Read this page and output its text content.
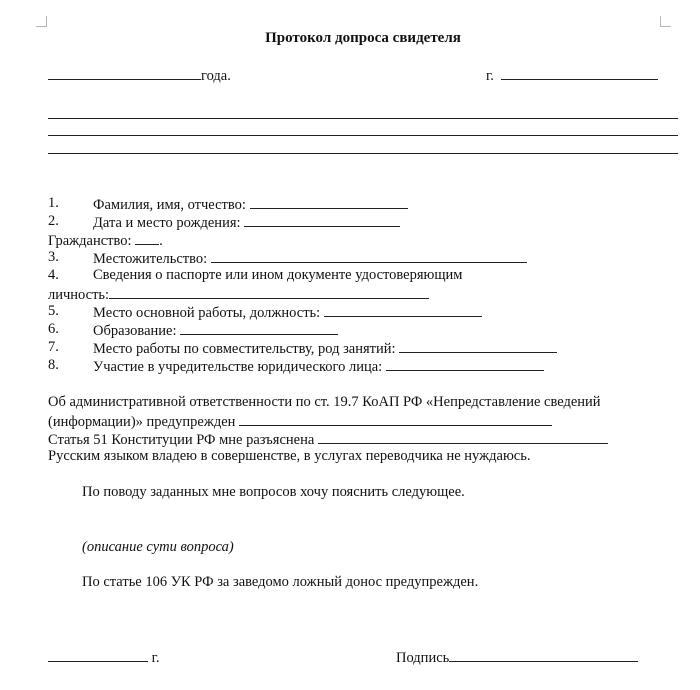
Протокол допроса свидетеля
года.	г.
1. Фамилия, имя, отчество:
2. Дата и место рождения:
Гражданство: .
3. Местожительство:
4. Сведения о паспорте или ином документе удостоверяющим
личность:
5. Место основной работы, должность:
6. Образование:
7. Место работы по совместительству, род занятий:
8. Участие в учредительстве юридического лица:
Об административной ответственности по ст. 19.7 КоАП РФ «Непредставление сведений
(информации)» предупрежден
Статья 51 Конституции РФ мне разъяснена
Русским языком владею в совершенстве, в услугах переводчика не нуждаюсь.
По поводу заданных мне вопросов хочу пояснить следующее.
(описание сути вопроса)
По статье 106 УК РФ за заведомо ложный донос предупрежден.
г.	Подпись
